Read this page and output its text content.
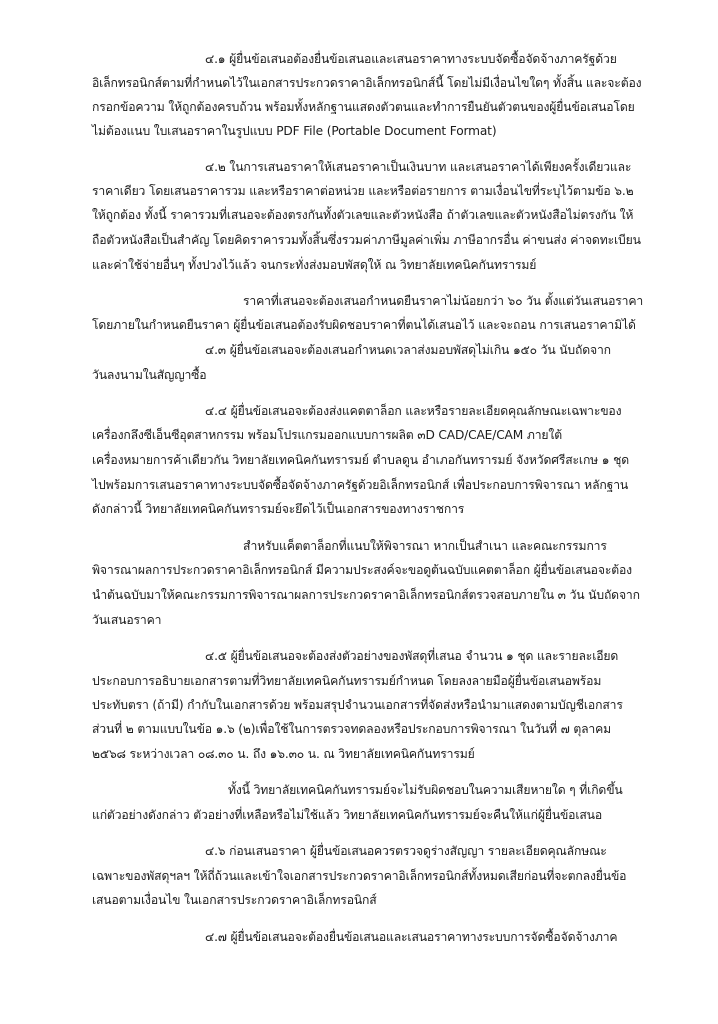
๔.๑ ผู้ยื่นข้อเสนอต้องยื่นข้อเสนอและเสนอราคาทางระบบจัดซื้อจัดจ้างภาครัฐด้วย
อิเล็กทรอนิกส์ตามที่กำหนดไว้ในเอกสารประกวดราคาอิเล็กทรอนิกส์นี้ โดยไม่มีเงื่อนไขใดๆ ทั้งสิ้น และจะต้อง
กรอกข้อความ ให้ถูกต้องครบถ้วน พร้อมทั้งหลักฐานแสดงตัวตนและทำการยืนยันตัวตนของผู้ยื่นข้อเสนอโดย
ไม่ต้องแนบ ใบเสนอราคาในรูปแบบ PDF File (Portable Document Format)
๔.๒ ในการเสนอราคาให้เสนอราคาเป็นเงินบาท และเสนอราคาได้เพียงครั้งเดียวและ
ราคาเดียว โดยเสนอราคารวม และหรือราคาต่อหน่วย และหรือต่อรายการ ตามเงื่อนไขที่ระบุไว้ตามข้อ ๖.๒
ให้ถูกต้อง ทั้งนี้ ราคารวมที่เสนอจะต้องตรงกันทั้งตัวเลขและตัวหนังสือ ถ้าตัวเลขและตัวหนังสือไม่ตรงกัน ให้
ถือตัวหนังสือเป็นสำคัญ โดยคิดราคารวมทั้งสิ้นซึ่งรวมค่าภาษีมูลค่าเพิ่ม ภาษีอากรอื่น ค่าขนส่ง ค่าจดทะเบียน
และค่าใช้จ่ายอื่นๆ ทั้งปวงไว้แล้ว จนกระทั่งส่งมอบพัสดุให้ ณ วิทยาลัยเทคนิคกันทรารมย์
ราคาที่เสนอจะต้องเสนอกำหนดยืนราคาไม่น้อยกว่า ๖๐ วัน ตั้งแต่วันเสนอราคา
โดยภายในกำหนดยืนราคา ผู้ยื่นข้อเสนอต้องรับผิดชอบราคาที่ตนได้เสนอไว้ และจะถอน การเสนอราคามิได้
๔.๓ ผู้ยื่นข้อเสนอจะต้องเสนอกำหนดเวลาส่งมอบพัสดุไม่เกิน ๑๕๐ วัน นับถัดจาก
วันลงนามในสัญญาซื้อ
๔.๔ ผู้ยื่นข้อเสนอจะต้องส่งแคตตาล็อก และหรือรายละเอียดคุณลักษณะเฉพาะของ
เครื่องกลึงซีเอ็นซีอุตสาหกรรม พร้อมโปรแกรมออกแบบการผลิต ๓D CAD/CAE/CAM ภายใต้
เครื่องหมายการค้าเดียวกัน วิทยาลัยเทคนิคกันทรารมย์ ตำบลดูน อำเภอกันทรารมย์ จังหวัดศรีสะเกษ ๑ ชุด
ไปพร้อมการเสนอราคาทางระบบจัดซื้อจัดจ้างภาครัฐด้วยอิเล็กทรอนิกส์ เพื่อประกอบการพิจารณา หลักฐาน
ดังกล่าวนี้ วิทยาลัยเทคนิคกันทรารมย์จะยึดไว้เป็นเอกสารของทางราชการ
สำหรับแค็ตตาล็อกที่แนบให้พิจารณา หากเป็นสำเนา และคณะกรรมการ
พิจารณาผลการประกวดราคาอิเล็กทรอนิกส์ มีความประสงค์จะขอดูต้นฉบับแคตตาล็อก ผู้ยื่นข้อเสนอจะต้อง
นำต้นฉบับมาให้คณะกรรมการพิจารณาผลการประกวดราคาอิเล็กทรอนิกส์ตรวจสอบภายใน ๓ วัน นับถัดจาก
วันเสนอราคา
๔.๕ ผู้ยื่นข้อเสนอจะต้องส่งตัวอย่างของพัสดุที่เสนอ จำนวน ๑ ชุด และรายละเอียด
ประกอบการอธิบายเอกสารตามที่วิทยาลัยเทคนิคกันทรารมย์กำหนด โดยลงลายมือผู้ยื่นข้อเสนอพร้อม
ประทับตรา (ถ้ามี) กำกับในเอกสารด้วย พร้อมสรุปจำนวนเอกสารที่จัดส่งหรือนำมาแสดงตามบัญชีเอกสาร
ส่วนที่ ๒ ตามแบบในข้อ ๑.๖ (๒)เพื่อใช้ในการตรวจทดลองหรือประกอบการพิจารณา ในวันที่ ๗ ตุลาคม
๒๕๖๘ ระหว่างเวลา ๐๘.๓๐ น. ถึง ๑๖.๓๐ น. ณ วิทยาลัยเทคนิคกันทรารมย์
ทั้งนี้ วิทยาลัยเทคนิคกันทรารมย์จะไม่รับผิดชอบในความเสียหายใด ๆ ที่เกิดขึ้น
แก่ตัวอย่างดังกล่าว ตัวอย่างที่เหลือหรือไม่ใช้แล้ว วิทยาลัยเทคนิคกันทรารมย์จะคืนให้แก่ผู้ยื่นข้อเสนอ
๔.๖ ก่อนเสนอราคา ผู้ยื่นข้อเสนอควรตรวจดูร่างสัญญา รายละเอียดคุณลักษณะ
เฉพาะของพัสดุฯลฯ ให้ถี่ถ้วนและเข้าใจเอกสารประกวดราคาอิเล็กทรอนิกส์ทั้งหมดเสียก่อนที่จะตกลงยื่นข้อ
เสนอตามเงื่อนไข ในเอกสารประกวดราคาอิเล็กทรอนิกส์
๔.๗ ผู้ยื่นข้อเสนอจะต้องยื่นข้อเสนอและเสนอราคาทางระบบการจัดซื้อจัดจ้างภาค
